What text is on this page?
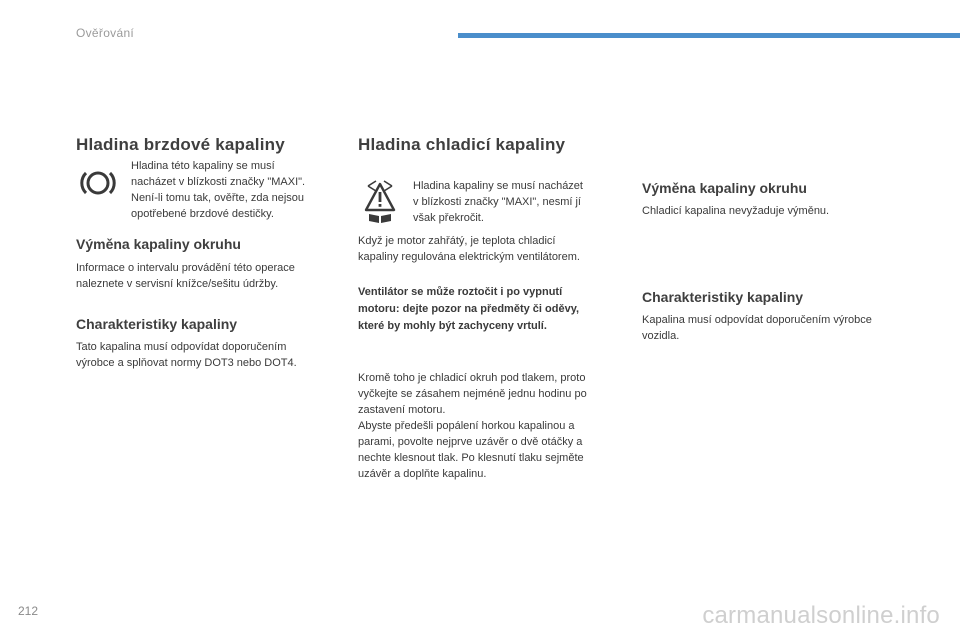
Ověřování
Hladina brzdové kapaliny
Hladina této kapaliny se musí
nacházet v blízkosti značky "MAXI".
Není-li tomu tak, ověřte, zda nejsou
opotřebené brzdové destičky.
Výměna kapaliny okruhu
Informace o intervalu provádění této operace
naleznete v servisní knížce/sešitu údržby.
Charakteristiky kapaliny
Tato kapalina musí odpovídat doporučením
výrobce a splňovat normy DOT3 nebo DOT4.
Hladina chladicí kapaliny
Hladina kapaliny se musí nacházet
v blízkosti značky "MAXI", nesmí jí
však překročit.
Když je motor zahřátý, je teplota chladicí
kapaliny regulována elektrickým ventilátorem.
Ventilátor se může roztočit i po vypnutí
motoru: dejte pozor na předměty či oděvy,
které by mohly být zachyceny vrtulí.
Kromě toho je chladicí okruh pod tlakem, proto
vyčkejte se zásahem nejméně jednu hodinu po
zastavení motoru.
Abyste předešli popálení horkou kapalinou a
parami, povolte nejprve uzávěr o dvě otáčky a
nechte klesnout tlak. Po klesnutí tlaku sejměte
uzávěr a doplňte kapalinu.
Výměna kapaliny okruhu
Chladicí kapalina nevyžaduje výměnu.
Charakteristiky kapaliny
Kapalina musí odpovídat doporučením výrobce
vozidla.
212	carmanualsonline.info
